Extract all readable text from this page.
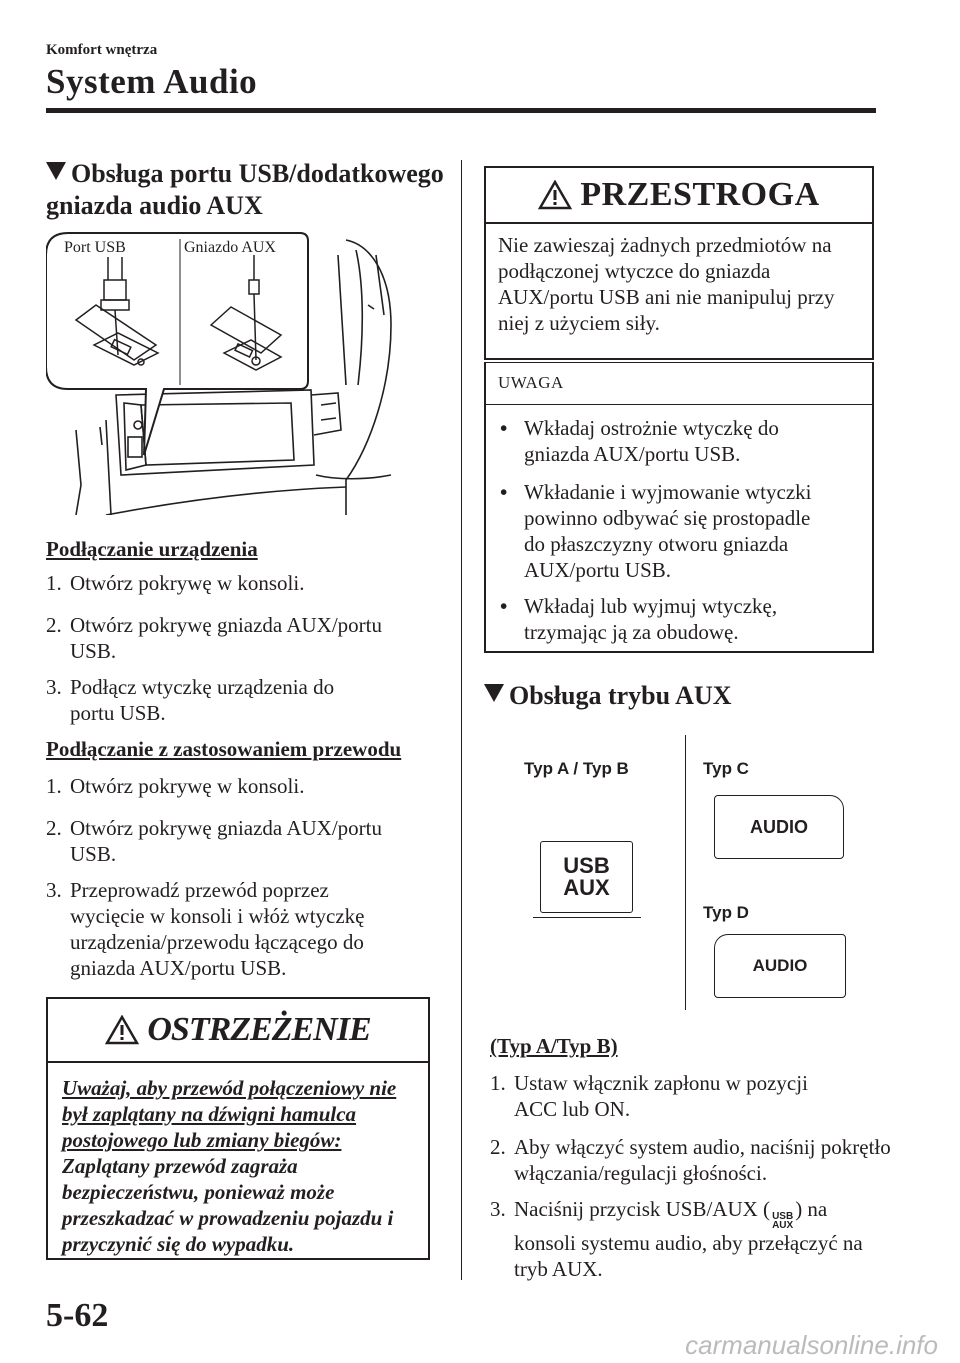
Komfort wnętrza
System Audio
Obsługa portu USB/dodatkowego gniazda audio AUX
Port USB	Gniazdo AUX
Podłączanie urządzenia
1. Otwórz pokrywę w konsoli.
2. Otwórz pokrywę gniazda AUX/portu USB.
3. Podłącz wtyczkę urządzenia do portu USB.
Podłączanie z zastosowaniem przewodu
1. Otwórz pokrywę w konsoli.
2. Otwórz pokrywę gniazda AUX/portu USB.
3. Przeprowadź przewód poprzez wycięcie w konsoli i włóż wtyczkę urządzenia/przewodu łączącego do gniazda AUX/portu USB.
OSTRZEŻENIE
Uważaj, aby przewód połączeniowy nie był zaplątany na dźwigni hamulca postojowego lub zmiany biegów:
Zaplątany przewód zagraża bezpieczeństwu, ponieważ może przeszkadzać w prowadzeniu pojazdu i przyczynić się do wypadku.
PRZESTROGA
Nie zawieszaj żadnych przedmiotów na podłączonej wtyczce do gniazda AUX/portu USB ani nie manipuluj przy niej z użyciem siły.
UWAGA
• Wkładaj ostrożnie wtyczkę do gniazda AUX/portu USB.
• Wkładanie i wyjmowanie wtyczki powinno odbywać się prostopadle do płaszczyzny otworu gniazda AUX/portu USB.
• Wkładaj lub wyjmuj wtyczkę, trzymając ją za obudowę.
Obsługa trybu AUX
Typ A / Typ B	Typ C
Typ D
USB
AUX
AUDIO
AUDIO
(Typ A/Typ B)
1. Ustaw włącznik zapłonu w pozycji ACC lub ON.
2. Aby włączyć system audio, naciśnij pokrętło włączania/regulacji głośności.
3. Naciśnij przycisk USB/AUX ( USB
AUX
) na konsoli systemu audio, aby przełączyć na tryb AUX.
5-62
carmanualsonline.info
